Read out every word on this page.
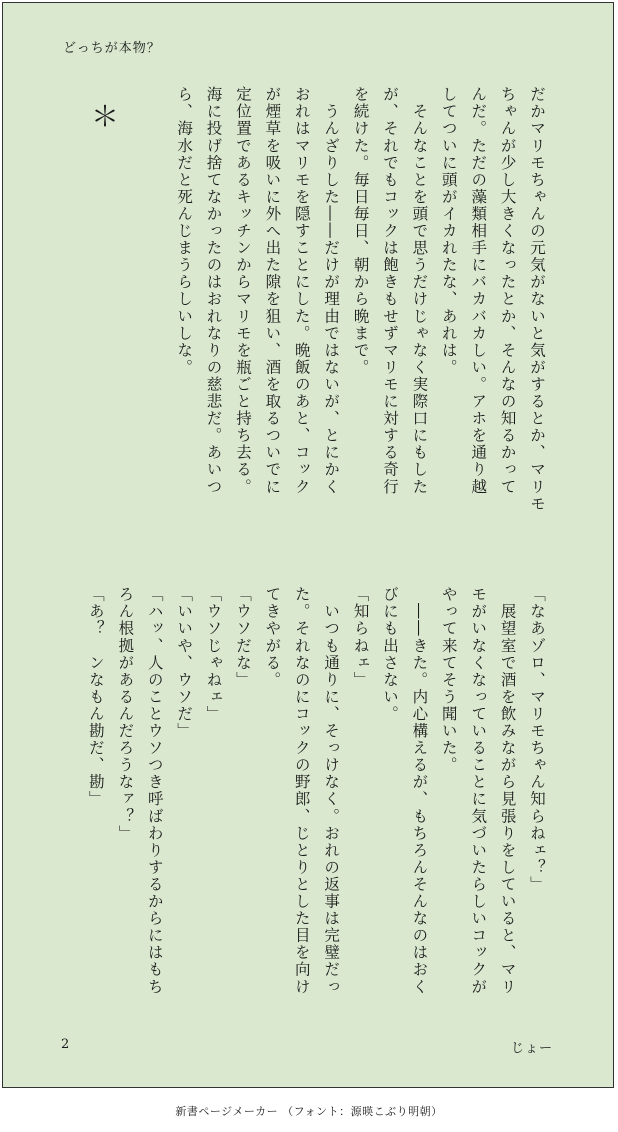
どっちが本物？
だかマリモちゃんの元気がないと気がするとか、マリモ
ちゃんが少し大きくなったとか、そんなの知るかって
んだ。ただの藻類相手にバカバカしい。アホを通り越
してついに頭がイカれたな、あれは。
　そんなことを頭で思うだけじゃなく実際口にもした
が、それでもコックは飽きもせずマリモに対する奇行
を続けた。毎日毎日、朝から晩まで。
　うんざりした――だけが理由ではないが、とにかく
おれはマリモを隠すことにした。晩飯のあと、コック
が煙草を吸いに外へ出た隙を狙い、酒を取るついでに
定位置であるキッチンからマリモを瓶ごと持ち去る。
海に投げ捨てなかったのはおれなりの慈悲だ。あいつ
ら、海水だと死んじまうらしいしな。
＊
「なあゾロ、マリモちゃん知らねェ？」
　展望室で酒を飲みながら見張りをしていると、マリ
モがいなくなっていることに気づいたらしいコックが
やって来てそう聞いた。
　――きた。内心構えるが、もちろんそんなのはおく
びにも出さない。
「知らねェ」
　いつも通りに、そっけなく。おれの返事は完璧だっ
た。それなのにコックの野郎、じとりとした目を向け
てきやがる。
「ウソだな」
「ウソじゃねェ」
「いいや、ウソだ」
「ハッ、人のことウソつき呼ばわりするからにはもち
ろん根拠があるんだろうなァ？」
「あ？　ンなもん勘だ、勘」
2	じょー
新書ページメーカー （フォント：源暎こぶり明朝）
